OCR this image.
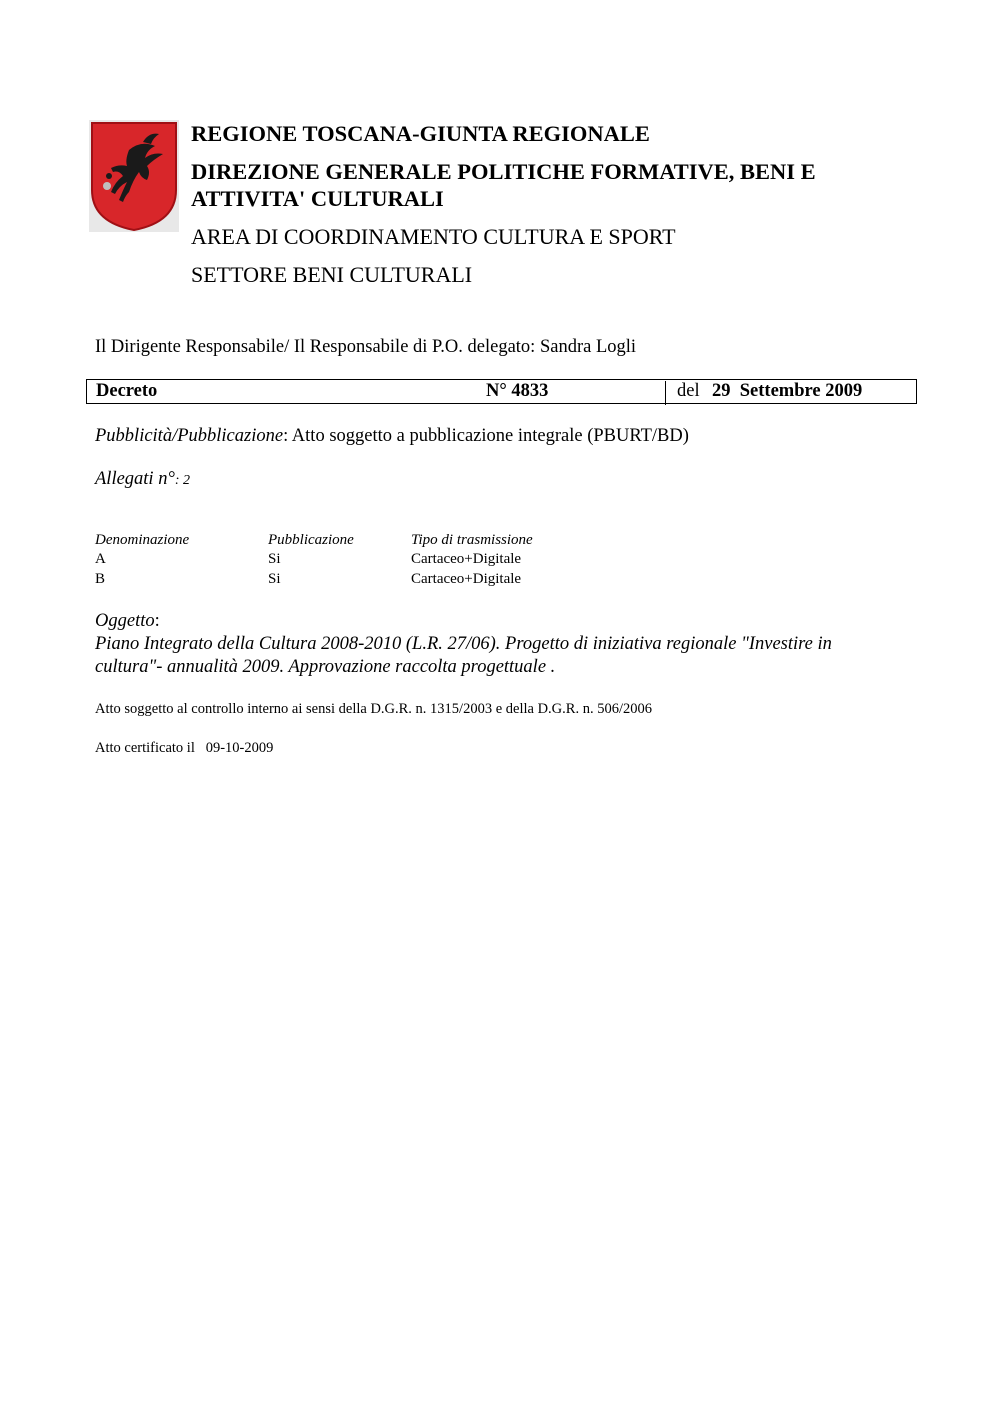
REGIONE TOSCANA-GIUNTA REGIONALE
DIREZIONE GENERALE POLITICHE FORMATIVE, BENI E
ATTIVITA' CULTURALI
AREA DI COORDINAMENTO CULTURA E SPORT
SETTORE BENI CULTURALI
Il Dirigente Responsabile/ Il Responsabile di P.O. delegato: Sandra Logli
Decreto	N° 4833	del 29  Settembre 2009
Pubblicità/Pubblicazione: Atto soggetto a pubblicazione integrale (PBURT/BD)
Allegati n°: 2
Denominazione	Pubblicazione	Tipo di trasmissione
A	Si	Cartaceo+Digitale
B	Si	Cartaceo+Digitale
Oggetto:
Piano Integrato della Cultura 2008-2010 (L.R. 27/06). Progetto di iniziativa regionale "Investire in
cultura"- annualità 2009. Approvazione raccolta progettuale .
Atto soggetto al controllo interno ai sensi della D.G.R. n. 1315/2003 e della D.G.R. n. 506/2006
Atto certificato il   09-10-2009
